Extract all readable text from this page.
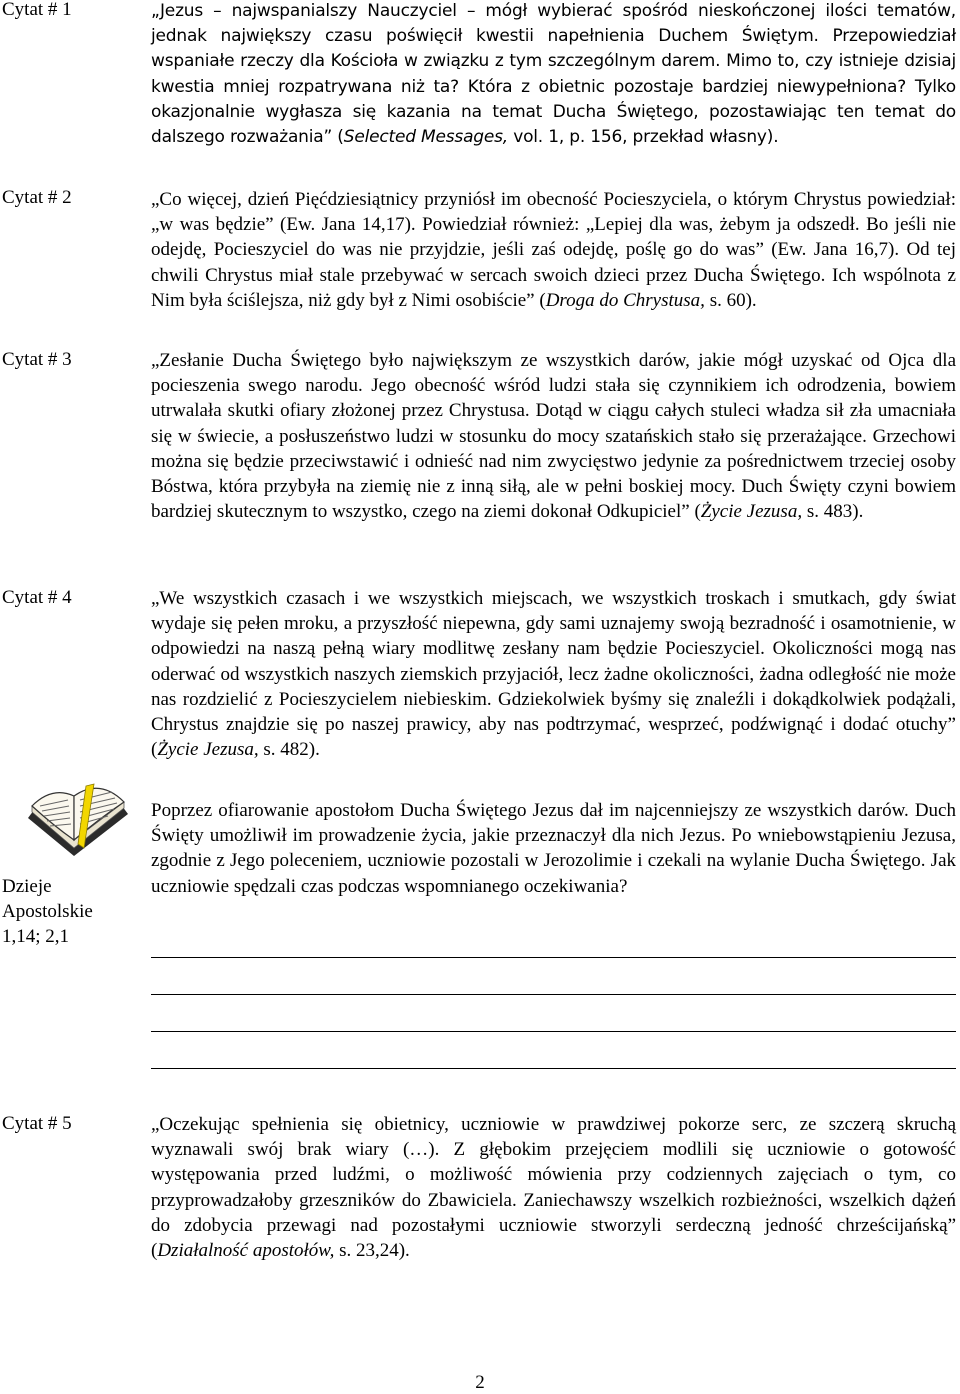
Cytat # 1
Cytat # 2
Cytat # 3
Cytat # 4
Cytat # 5
Dzieje
Apostolskie
1,14; 2,1
„Jezus – najwspanialszy Nauczyciel – mógł wybierać spośród nieskończonej ilości tematów, jednak największy czasu poświęcił kwestii napełnienia Duchem Świętym. Przepowiedział wspaniałe rzeczy dla Kościoła w związku z tym szczególnym darem. Mimo to, czy istnieje dzisiaj kwestia mniej rozpatrywana niż ta? Która z obietnic pozostaje bardziej niewypełniona? Tylko okazjonalnie wygłasza się kazania na temat Ducha Świętego, pozostawiając ten temat do dalszego rozważania” (Selected Messages, vol. 1, p. 156, przekład własny).
„Co więcej, dzień Pięćdziesiątnicy przyniósł im obecność Pocieszyciela, o którym Chrystus powiedział: „w was będzie” (Ew. Jana 14,17). Powiedział również: „Lepiej dla was, żebym ja odszedł. Bo jeśli nie odejdę, Pocieszyciel do was nie przyjdzie, jeśli zaś odejdę, poślę go do was” (Ew. Jana 16,7). Od tej chwili Chrystus miał stale przebywać w sercach swoich dzieci przez Ducha Świętego. Ich wspólnota z Nim była ściślejsza, niż gdy był z Nimi osobiście” (Droga do Chrystusa, s. 60).
„Zesłanie Ducha Świętego było największym ze wszystkich darów, jakie mógł uzyskać od Ojca dla pocieszenia swego narodu. Jego obecność wśród ludzi stała się czynnikiem ich odrodzenia, bowiem utrwalała skutki ofiary złożonej przez Chrystusa. Dotąd w ciągu całych stuleci władza sił zła umacniała się w świecie, a posłuszeństwo ludzi w stosunku do mocy szatańskich stało się przerażające. Grzechowi można się będzie przeciwstawić i odnieść nad nim zwycięstwo jedynie za pośrednictwem trzeciej osoby Bóstwa, która przybyła na ziemię nie z inną siłą, ale w pełni boskiej mocy. Duch Święty czyni bowiem bardziej skutecznym to wszystko, czego na ziemi dokonał Odkupiciel” (Życie Jezusa, s. 483).
„We wszystkich czasach i we wszystkich miejscach, we wszystkich troskach i smutkach, gdy świat wydaje się pełen mroku, a przyszłość niepewna, gdy sami uznajemy swoją bezradność i osamotnienie, w odpowiedzi na naszą pełną wiary modlitwę zesłany nam będzie Pocieszyciel. Okoliczności mogą nas oderwać od wszystkich naszych ziemskich przyjaciół, lecz żadne okoliczności, żadna odległość nie może nas rozdzielić z Pocieszycielem niebieskim. Gdziekolwiek byśmy się znaleźli i dokądkolwiek podążali, Chrystus znajdzie się po naszej prawicy, aby nas podtrzymać, wesprzeć, podźwignąć i dodać otuchy” (Życie Jezusa, s. 482).
Poprzez ofiarowanie apostołom Ducha Świętego Jezus dał im najcenniejszy ze wszystkich darów. Duch Święty umożliwił im prowadzenie życia, jakie przeznaczył dla nich Jezus. Po wniebowstąpieniu Jezusa, zgodnie z Jego poleceniem, uczniowie pozostali w Jerozolimie i czekali na wylanie Ducha Świętego. Jak uczniowie spędzali czas podczas wspomnianego oczekiwania?
„Oczekując spełnienia się obietnicy, uczniowie w prawdziwej pokorze serc, ze szczerą skruchą wyznawali swój brak wiary (…). Z głębokim przejęciem modlili się uczniowie o gotowość występowania przed ludźmi, o możliwość mówienia przy codziennych zajęciach o tym, co przyprowadzałoby grzeszników do Zbawiciela. Zaniechawszy wszelkich rozbieżności, wszelkich dążeń do zdobycia przewagi nad pozostałymi uczniowie stworzyli serdeczną jedność chrześcijańską” (Działalność apostołów, s. 23,24).
2
